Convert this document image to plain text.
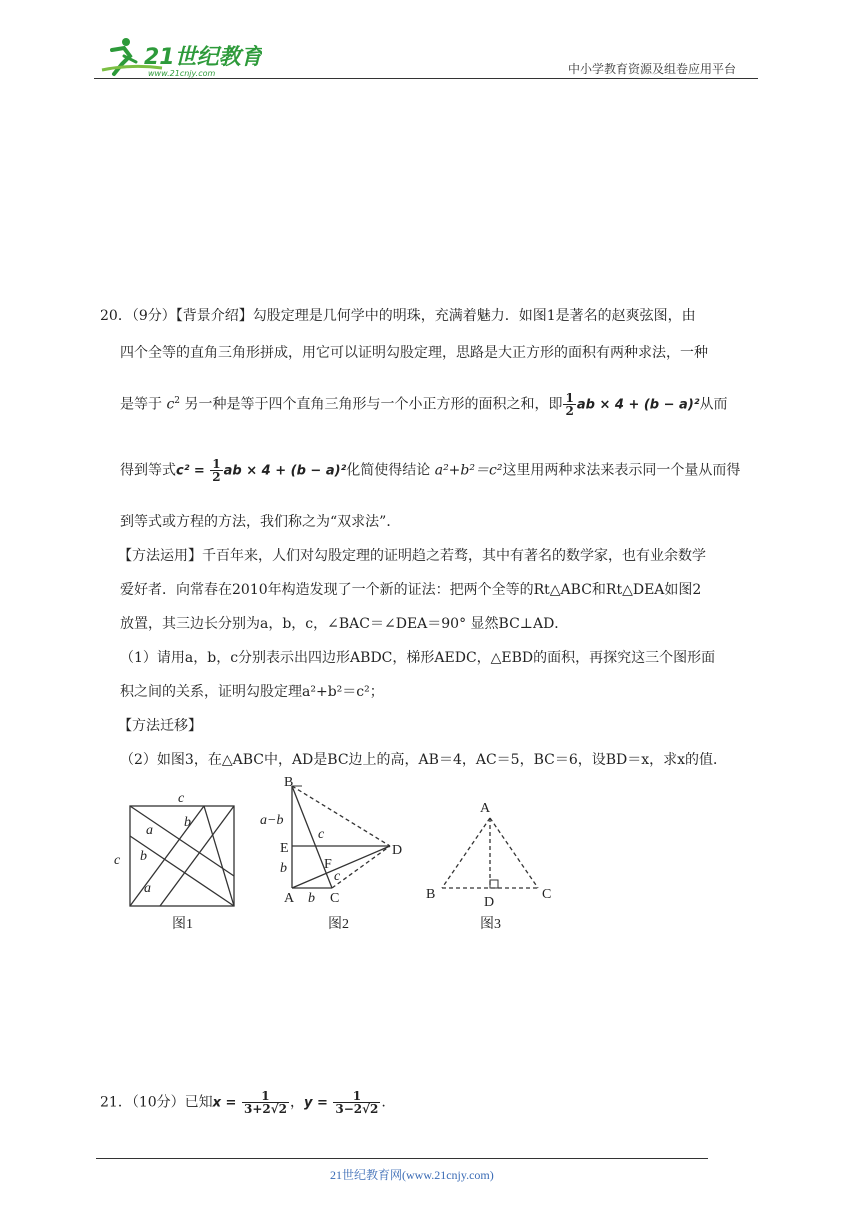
21世纪教育
www.21cnjy.com	中小学教育资源及组卷应用平台
20．（9分）【背景介绍】勾股定理是几何学中的明珠，充满着魅力．如图1是著名的赵爽弦图，由
四个全等的直角三角形拼成，用它可以证明勾股定理，思路是大正方形的面积有两种求法，一种
是等于 $c^2$ 另一种是等于四个直角三角形与一个小正方形的面积之和，即 $\frac{1}{2}$ ab × 4 + (b − a)²从而
得到等式$c^2 = \frac{1}{2}$ ab × 4 + (b − a)²化简使得结论 a²+b²＝c²这里用两种求法来表示同一个量从而得
到等式或方程的方法，我们称之为“双求法”．
【方法运用】千百年来，人们对勾股定理的证明趋之若骛，其中有著名的数学家，也有业余数学
爱好者．向常春在2010年构造发现了一个新的证法：把两个全等的Rt△ABC和Rt△DEA如图2
放置，其三边长分别为a，b，c，∠BAC＝∠DEA＝90° 显然BC⊥AD．
（1）请用a，b，c分别表示出四边形ABDC，梯形AEDC，△EBD的面积，再探究这三个图形面
积之间的关系，证明勾股定理a²+b²＝c²；
【方法迁移】
（2）如图3，在△ABC中，AD是BC边上的高，AB＝4，AC＝5，BC＝6，设BD＝x，求x的值．
c
c
a
b
b
a
B
a−b
c
E	D
b	F
c
A b C
A
B
D
C
图1	图2	图3
21．（10分）已知$x = \frac{1}{3+2√2}$ ，$y = \frac{1}{3-2√2}$ .
21世纪教育网(www.21cnjy.com)
